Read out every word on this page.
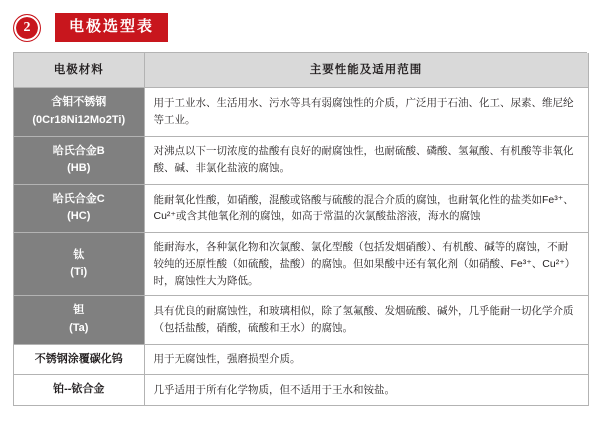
2	电极选型表
电极材料	主要性能及适用范围
含钼不锈钢
(0Cr18Ni12Mo2Ti)	用于工业水、生活用水、污水等具有弱腐蚀性的介质，广泛用于石油、化工、尿素、维尼纶等工业。
哈氏合金B
(HB)	对沸点以下一切浓度的盐酸有良好的耐腐蚀性，也耐硫酸、磷酸、氢氟酸、有机酸等非氧化酸、碱、非氯化盐液的腐蚀。
哈氏合金C
(HC)	能耐氧化性酸，如硝酸，混酸或铬酸与硫酸的混合介质的腐蚀，也耐氧化性的盐类如Fe³⁺、Cu²⁺或含其他氧化剂的腐蚀，如高于常温的次氯酸盐溶液，海水的腐蚀
钛
(Ti)	能耐海水，各种氯化物和次氯酸、氯化型酸（包括发烟硝酸）、有机酸、碱等的腐蚀，不耐较纯的还原性酸（如硫酸，盐酸）的腐蚀。但如果酸中还有氧化剂（如硝酸、Fe³⁺、Cu²⁺）时，腐蚀性大为降低。
钽
(Ta)	具有优良的耐腐蚀性，和玻璃相似，除了氢氟酸、发烟硫酸、碱外，几乎能耐一切化学介质（包括盐酸，硝酸，硫酸和王水）的腐蚀。
不锈钢涂覆碳化钨	用于无腐蚀性，强磨损型介质。
铂--铱合金	几乎适用于所有化学物质，但不适用于王水和铵盐。
